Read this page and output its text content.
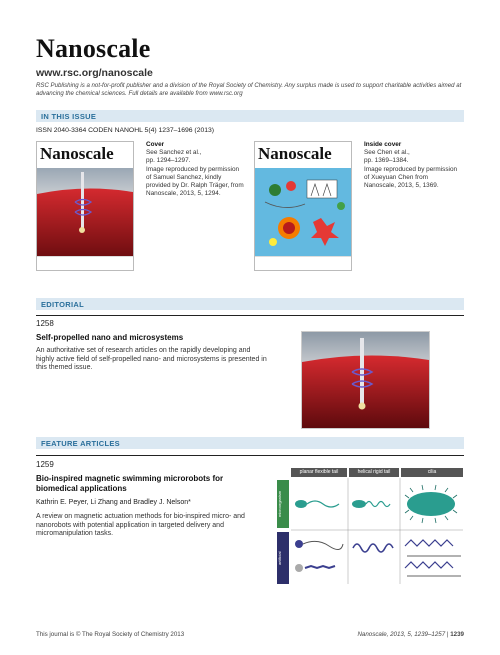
Nanoscale
www.rsc.org/nanoscale
RSC Publishing is a not-for-profit publisher and a division of the Royal Society of Chemistry. Any surplus made is used to support charitable activities aimed at advancing the chemical sciences. Full details are available from www.rsc.org
IN THIS ISSUE
ISSN 2040-3364 CODEN NANOHL 5(4) 1237–1696 (2013)
Nanoscale	Cover
See Sanchez et al.,
pp. 1294–1297.
Image reproduced by permission
of Samuel Sanchez, kindly
provided by Dr. Ralph Träger, from
Nanoscale, 2013, 5, 1294.
Nanoscale	Inside cover
See Chen et al.,
pp. 1369–1384.
Image reproduced by permission
of Xueyuan Chen from
Nanoscale, 2013, 5, 1369.
EDITORIAL
1258
Self-propelled nano and microsystems
An authoritative set of research articles on the rapidly developing and highly active field of self-propelled nano- and microsystems is presented in this themed issue.
FEATURE ARTICLES
1259
Bio-inspired magnetic swimming microrobots for
biomedical applications
Kathrin E. Peyer, Li Zhang and Bradley J. Nelson*
A review on magnetic actuation methods for bio-inspired micro- and nanorobots with potential application in targeted delivery and micromanipulation tasks.
planar flexible tail	helical rigid tail	cilia
microorganism
artificial
This journal is © The Royal Society of Chemistry 2013	Nanoscale, 2013, 5, 1239–1257 | 1239
